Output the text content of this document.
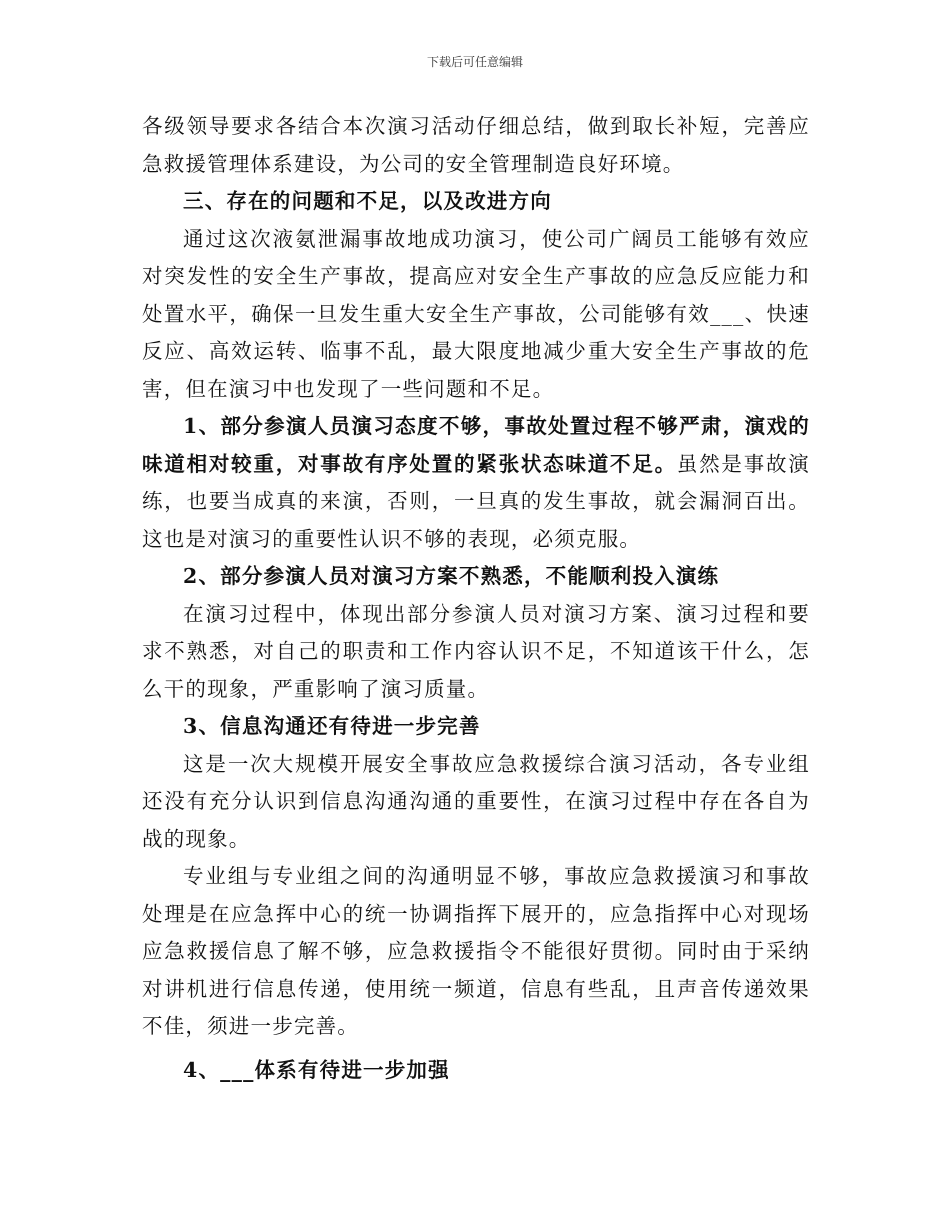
下载后可任意编辑

各级领导要求各结合本次演习活动仔细总结，做到取长补短，完善应急救援管理体系建设，为公司的安全管理制造良好环境。

三、存在的问题和不足，以及改进方向

通过这次液氨泄漏事故地成功演习，使公司广阔员工能够有效应对突发性的安全生产事故，提高应对安全生产事故的应急反应能力和处置水平，确保一旦发生重大安全生产事故，公司能够有效___、快速反应、高效运转、临事不乱，最大限度地减少重大安全生产事故的危害，但在演习中也发现了一些问题和不足。

1、部分参演人员演习态度不够，事故处置过程不够严肃，演戏的味道相对较重，对事故有序处置的紧张状态味道不足。虽然是事故演练，也要当成真的来演，否则，一旦真的发生事故，就会漏洞百出。这也是对演习的重要性认识不够的表现，必须克服。

2、部分参演人员对演习方案不熟悉，不能顺利投入演练

在演习过程中，体现出部分参演人员对演习方案、演习过程和要求不熟悉，对自己的职责和工作内容认识不足，不知道该干什么，怎么干的现象，严重影响了演习质量。

3、信息沟通还有待进一步完善

这是一次大规模开展安全事故应急救援综合演习活动，各专业组还没有充分认识到信息沟通沟通的重要性，在演习过程中存在各自为战的现象。

专业组与专业组之间的沟通明显不够，事故应急救援演习和事故处理是在应急挥中心的统一协调指挥下展开的，应急指挥中心对现场应急救援信息了解不够，应急救援指令不能很好贯彻。同时由于采纳对讲机进行信息传递，使用统一频道，信息有些乱，且声音传递效果不佳，须进一步完善。

4、___体系有待进一步加强
